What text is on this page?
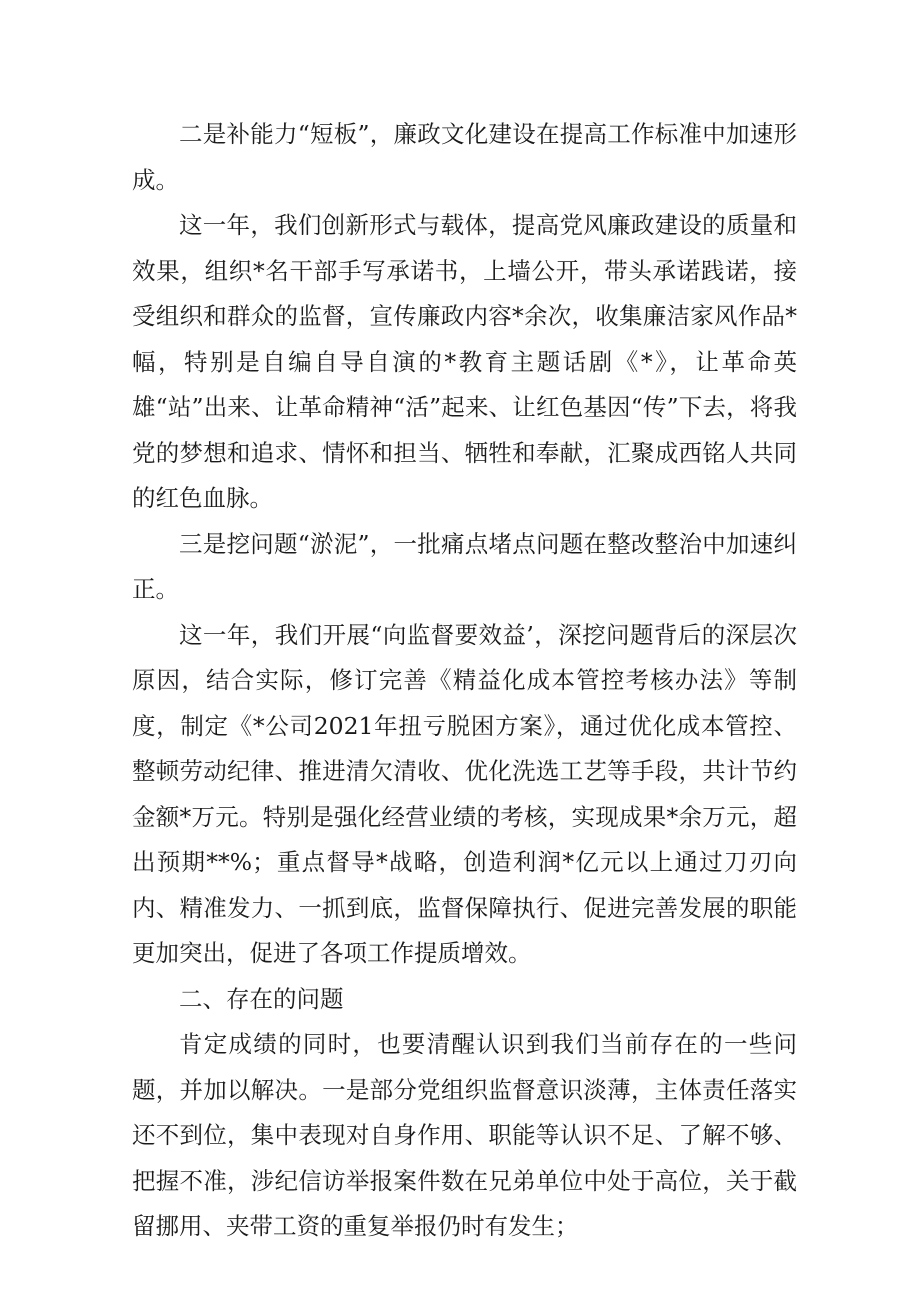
二是补能力“短板”，廉政文化建设在提高工作标准中加速形成。

这一年，我们创新形式与载体，提高党风廉政建设的质量和效果，组织*名干部手写承诺书，上墙公开，带头承诺践诺，接受组织和群众的监督，宣传廉政内容*余次，收集廉洁家风作品*幅，特别是自编自导自演的*教育主题话剧《*》，让革命英雄“站”出来、让革命精神“活”起来、让红色基因“传”下去，将我党的梦想和追求、情怀和担当、牺牲和奉献，汇聚成西铭人共同的红色血脉。

三是挖问题“淤泥”，一批痛点堵点问题在整改整治中加速纠正。

这一年，我们开展“向监督要效益’，深挖问题背后的深层次原因，结合实际，修订完善《精益化成本管控考核办法》等制度，制定《*公司2021年扭亏脱困方案》，通过优化成本管控、整顿劳动纪律、推进清欠清收、优化洗选工艺等手段，共计节约金额*万元。特别是强化经营业绩的考核，实现成果*余万元，超出预期**%；重点督导*战略，创造利润*亿元以上通过刀刃向内、精准发力、一抓到底，监督保障执行、促进完善发展的职能更加突出，促进了各项工作提质增效。

二、存在的问题

肯定成绩的同时，也要清醒认识到我们当前存在的一些问题，并加以解决。一是部分党组织监督意识淡薄，主体责任落实还不到位，集中表现对自身作用、职能等认识不足、了解不够、把握不准，涉纪信访举报案件数在兄弟单位中处于高位，关于截留挪用、夹带工资的重复举报仍时有发生；
